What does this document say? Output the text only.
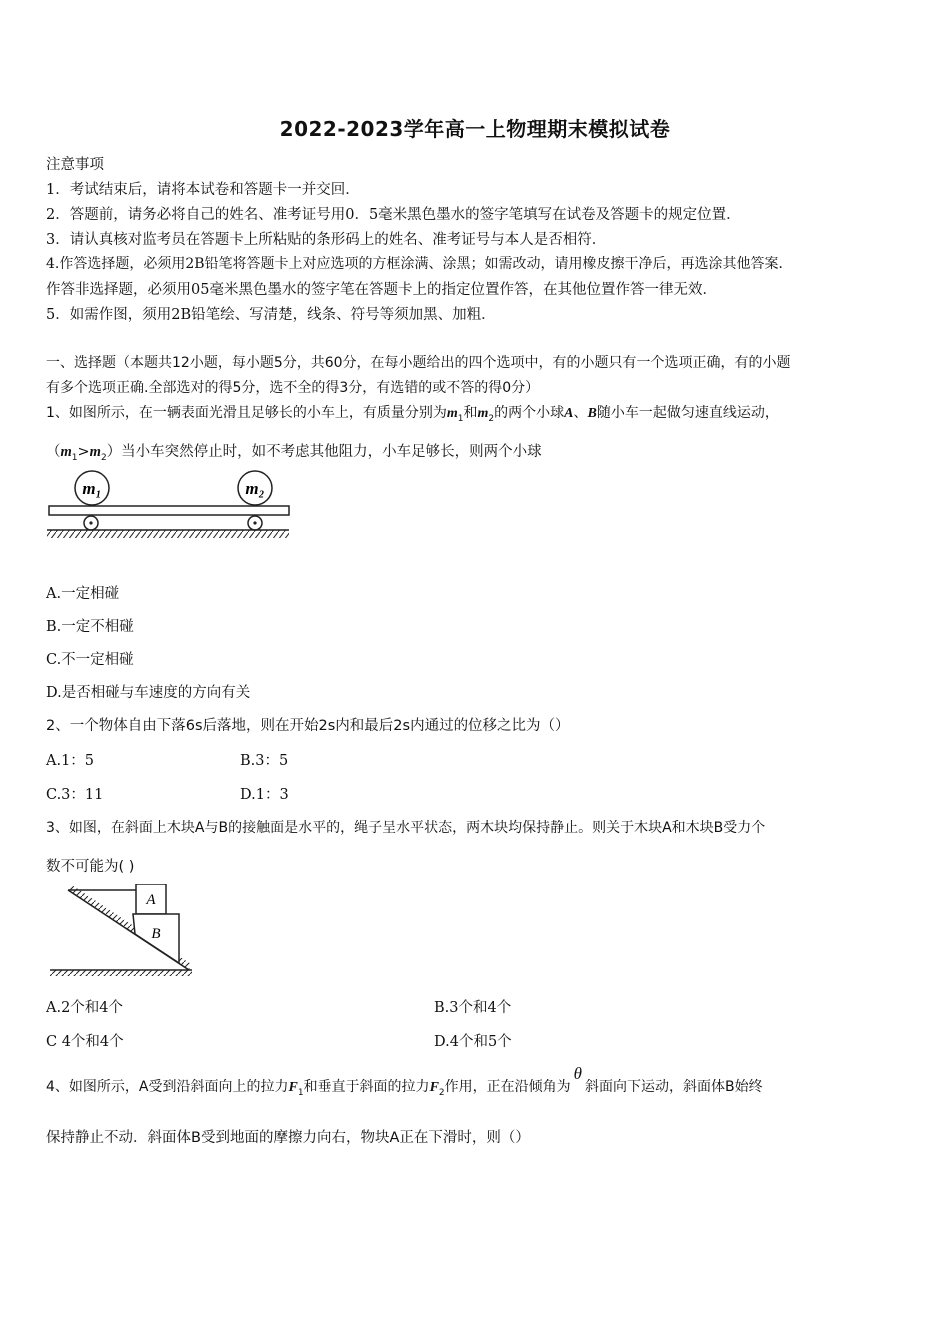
2022-2023学年高一上物理期末模拟试卷
注意事项
1．考试结束后，请将本试卷和答题卡一并交回．
2．答题前，请务必将自己的姓名、准考证号用0．5毫米黑色墨水的签字笔填写在试卷及答题卡的规定位置．
3．请认真核对监考员在答题卡上所粘贴的条形码上的姓名、准考证号与本人是否相符．
4.作答选择题，必须用2B铅笔将答题卡上对应选项的方框涂满、涂黑；如需改动，请用橡皮擦干净后，再选涂其他答案．
作答非选择题，必须用05毫米黑色墨水的签字笔在答题卡上的指定位置作答，在其他位置作答一律无效．
5．如需作图，须用2B铅笔绘、写清楚，线条、符号等须加黑、加粗．
一、选择题（本题共12小题，每小题5分，共60分，在每小题给出的四个选项中，有的小题只有一个选项正确，有的小题
有多个选项正确.全部选对的得5分，选不全的得3分，有选错的或不答的得0分）
1、如图所示，在一辆表面光滑且足够长的小车上，有质量分别为$m_1$和$m_2$的两个小球A、B随小车一起做匀速直线运动，
$(m_1>m_2)$当小车突然停止时，如不考虑其他阻力，小车足够长，则两个小球
m₁	m₂
A.一定相碰
B.一定不相碰
C.不一定相碰
D.是否相碰与车速度的方向有关
2、一个物体自由下落6s后落地，则在开始2s内和最后2s内通过的位移之比为（）
A.1：5	B.3：5
C.3：11	D.1：3
3、如图，在斜面上木块A与B的接触面是水平的，绳子呈水平状态，两木块均保持静止。则关于木块A和木块B受力个
数不可能为( )
A
B
A.2个和4个	B.3个和4个
C 4个和4个	D.4个和5个
4、如图所示，A受到沿斜面向上的拉力$F_1$和垂直于斜面的拉力$F_2$作用，正在沿倾角为θ斜面向下运动，斜面体B始终
保持静止不动．斜面体B受到地面的摩擦力向右，物块A正在下滑时，则（）
